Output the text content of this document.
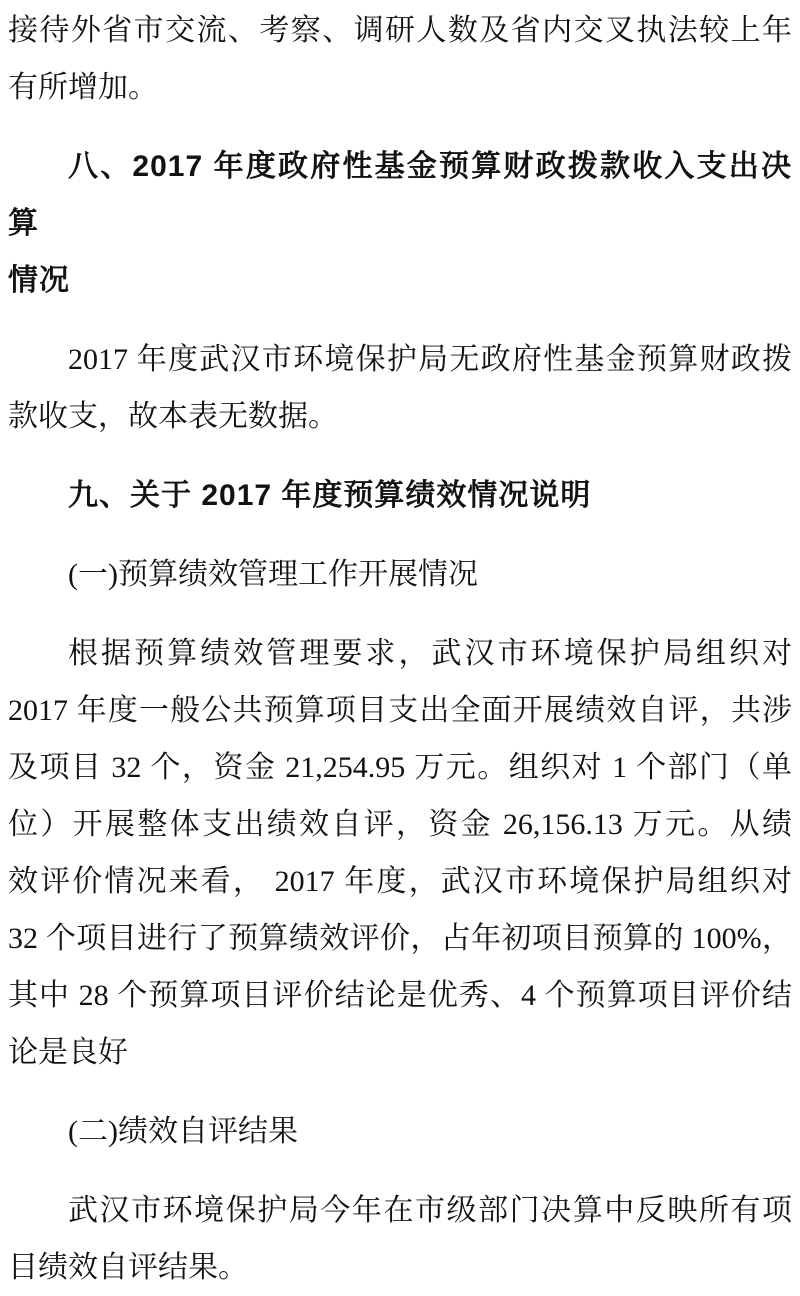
接待外省市交流、考察、调研人数及省内交叉执法较上年
有所增加。
八、2017 年度政府性基金预算财政拨款收入支出决算
情况
2017 年度武汉市环境保护局无政府性基金预算财政拨
款收支，故本表无数据。
九、关于 2017 年度预算绩效情况说明
(一)预算绩效管理工作开展情况
根据预算绩效管理要求，武汉市环境保护局组织对
2017 年度一般公共预算项目支出全面开展绩效自评，共涉
及项目 32 个，资金 21,254.95 万元。组织对 1 个部门（单
位）开展整体支出绩效自评，资金 26,156.13 万元。从绩
效评价情况来看， 2017 年度，武汉市环境保护局组织对
32 个项目进行了预算绩效评价，占年初项目预算的 100%，
其中 28 个预算项目评价结论是优秀、4 个预算项目评价结
论是良好
(二)绩效自评结果
武汉市环境保护局今年在市级部门决算中反映所有项
目绩效自评结果。
